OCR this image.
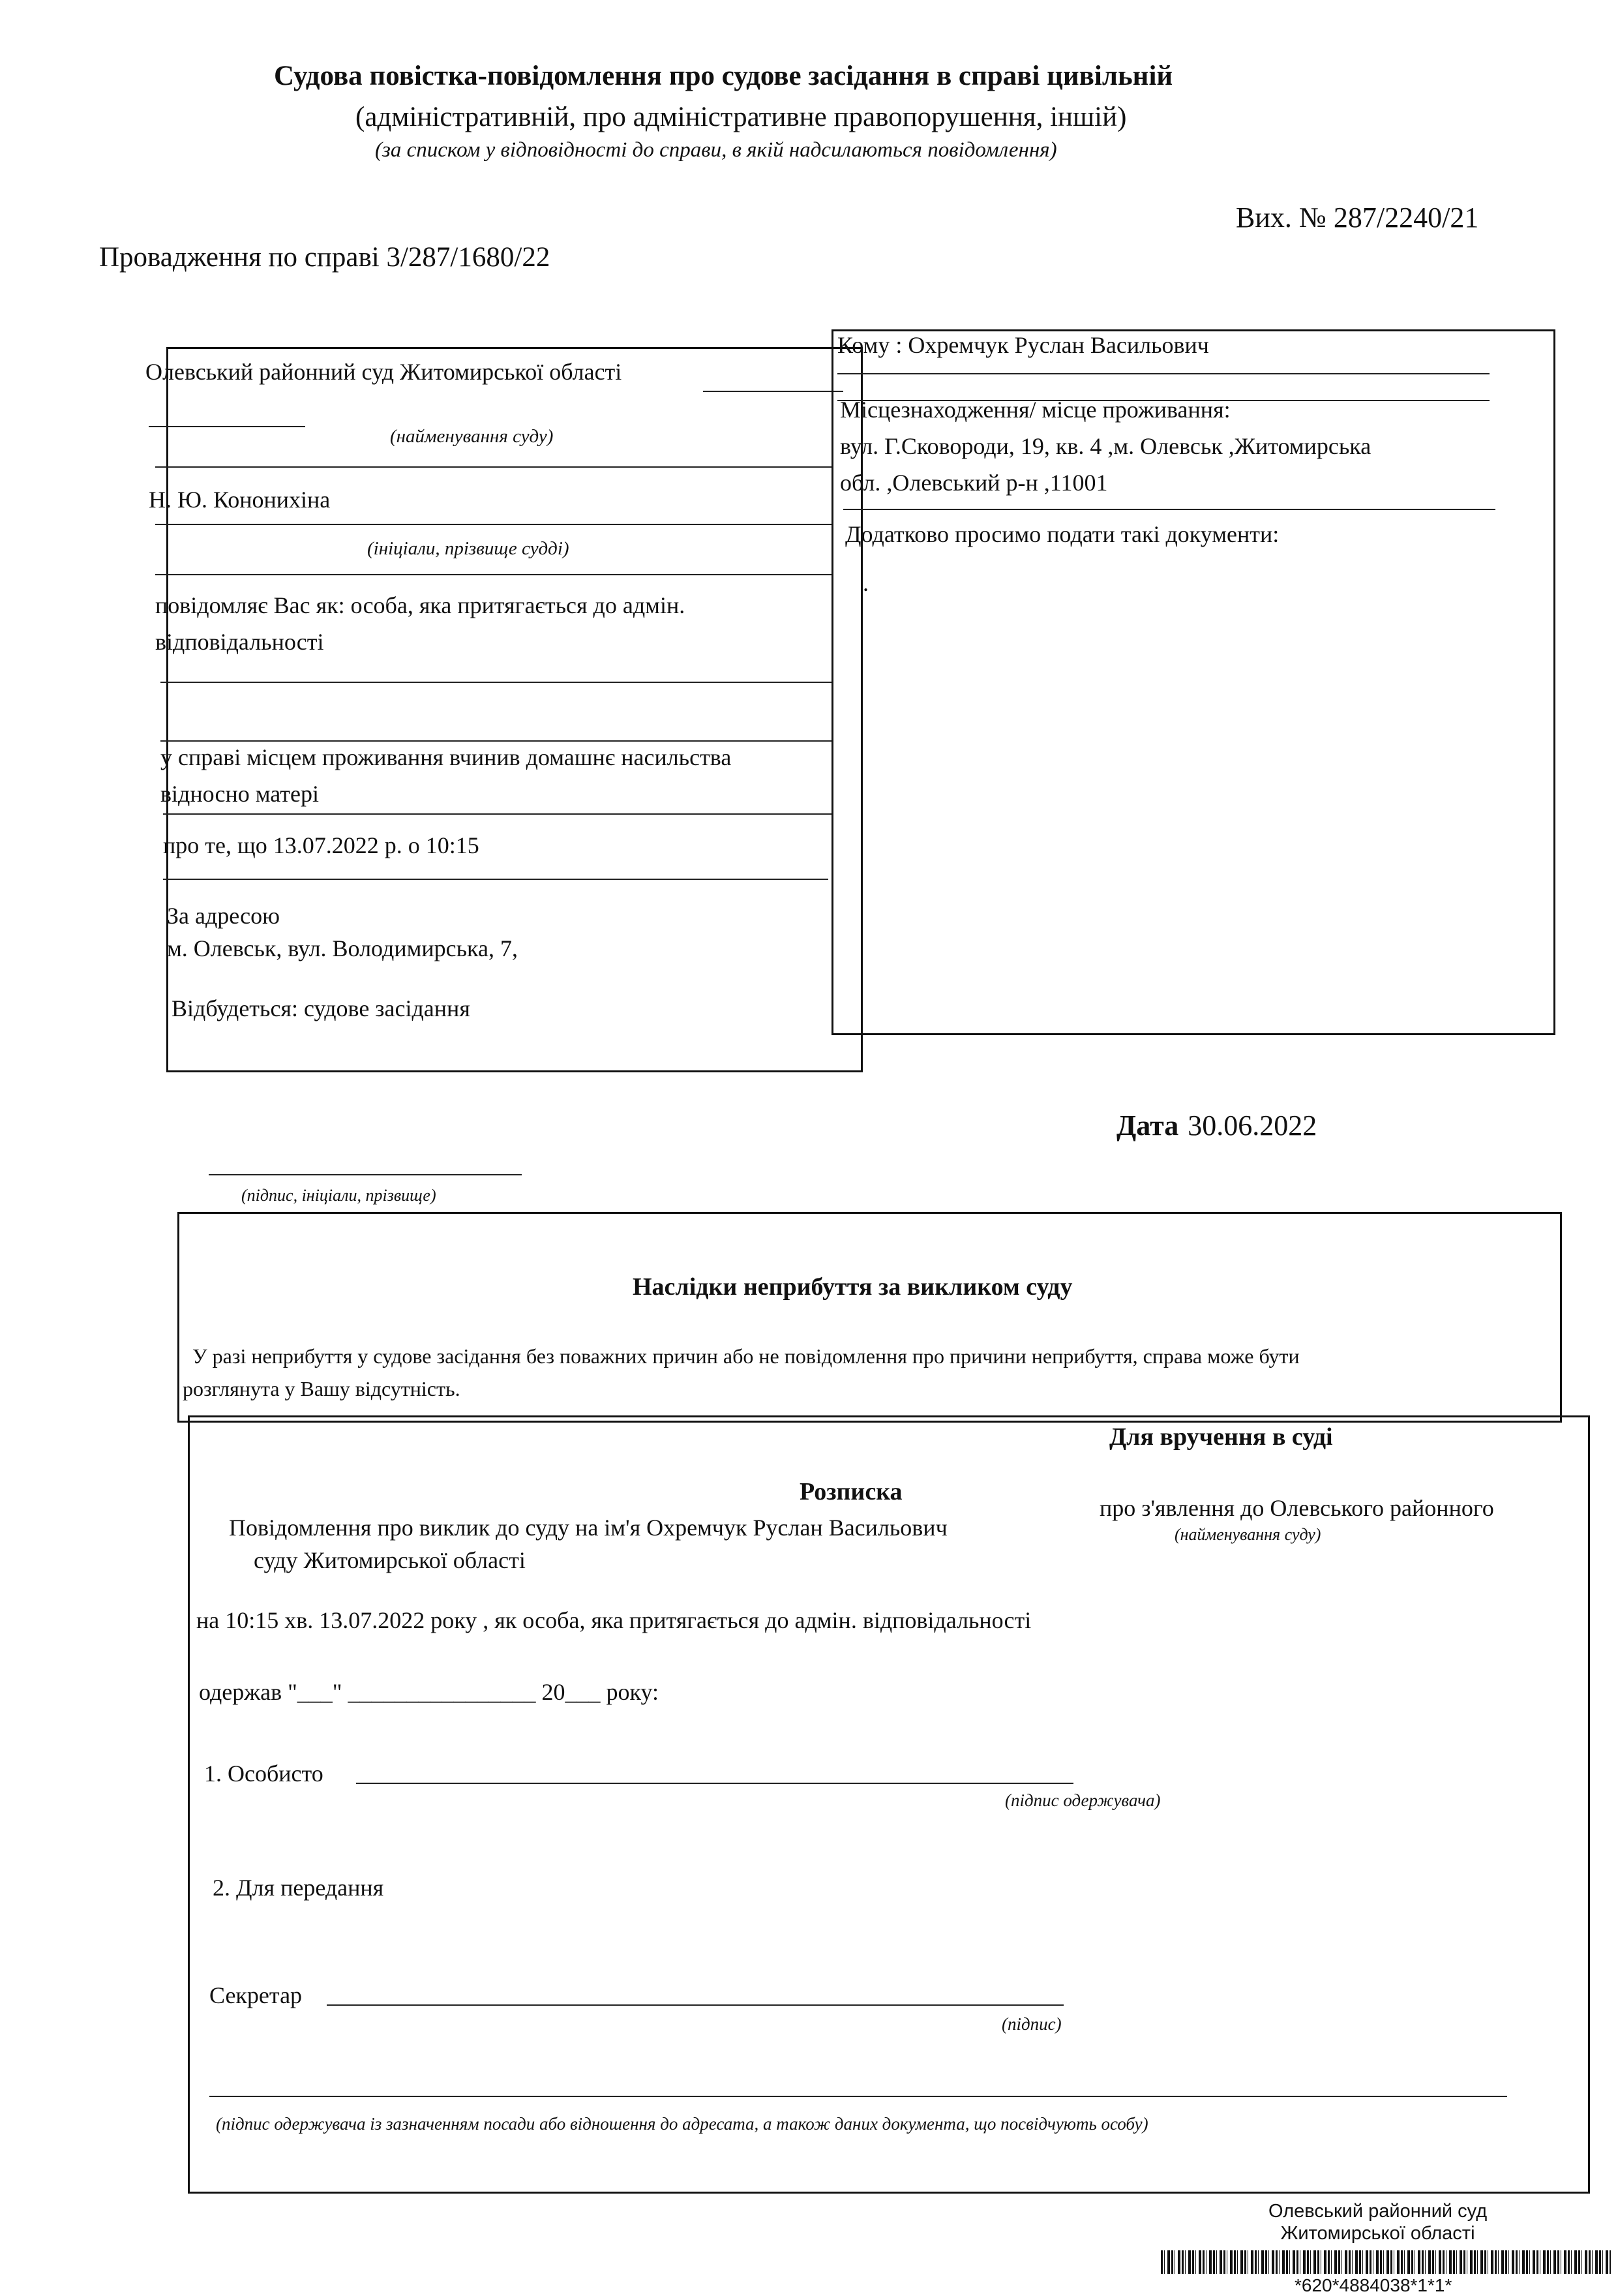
Судова повістка-повідомлення про судове засідання в справі цивільній
(адміністративній, про адміністративне правопорушення, іншій)
(за списком у відповідності до справи, в якій надсилаються повідомлення)
Вих. № 287/2240/21
Провадження по справі 3/287/1680/22
Олевський районний суд Житомирської області
(найменування суду)
Н. Ю. Кононихіна
(ініціали, прізвище судді)
повідомляє Вас як: особа, яка притягається до адмін.
відповідальності
у справі місцем проживання вчинив домашнє насильства
відносно матері
про те, що 13.07.2022 р. о 10:15
За адресою
м. Олевськ, вул. Володимирська, 7,
Відбудеться: судове засідання
Кому : Охремчук Руслан Васильович
Місцезнаходження/ місце проживання:
вул. Г.Сковороди, 19, кв. 4 ,м. Олевськ ,Житомирська
обл. ,Олевський р-н ,11001
Додатково просимо подати такі документи:
.
Дата 30.06.2022
(підпис, ініціали, прізвище)
Наслідки неприбуття за викликом суду
У разі неприбуття у судове засідання без поважних причин або не повідомлення про причини неприбуття, справа може бути
розглянута у Вашу відсутність.
Для вручення в суді
Розписка
Повідомлення про виклик до суду на ім'я Охремчук Руслан Васильович
про з'явлення до Олевського районного
(найменування суду)
суду Житомирської області
на 10:15 хв. 13.07.2022 року , як особа, яка притягається до адмін. відповідальності
одержав "___" ________________ 20___ року:
1. Особисто
(підпис одержувача)
2. Для передання
Секретар
(підпис)
(підпис одержувача із зазначенням посади або відношення до адресата, а також даних документа, що посвідчують особу)
Олевський районний суд
Житомирської області
*620*4884038*1*1*
